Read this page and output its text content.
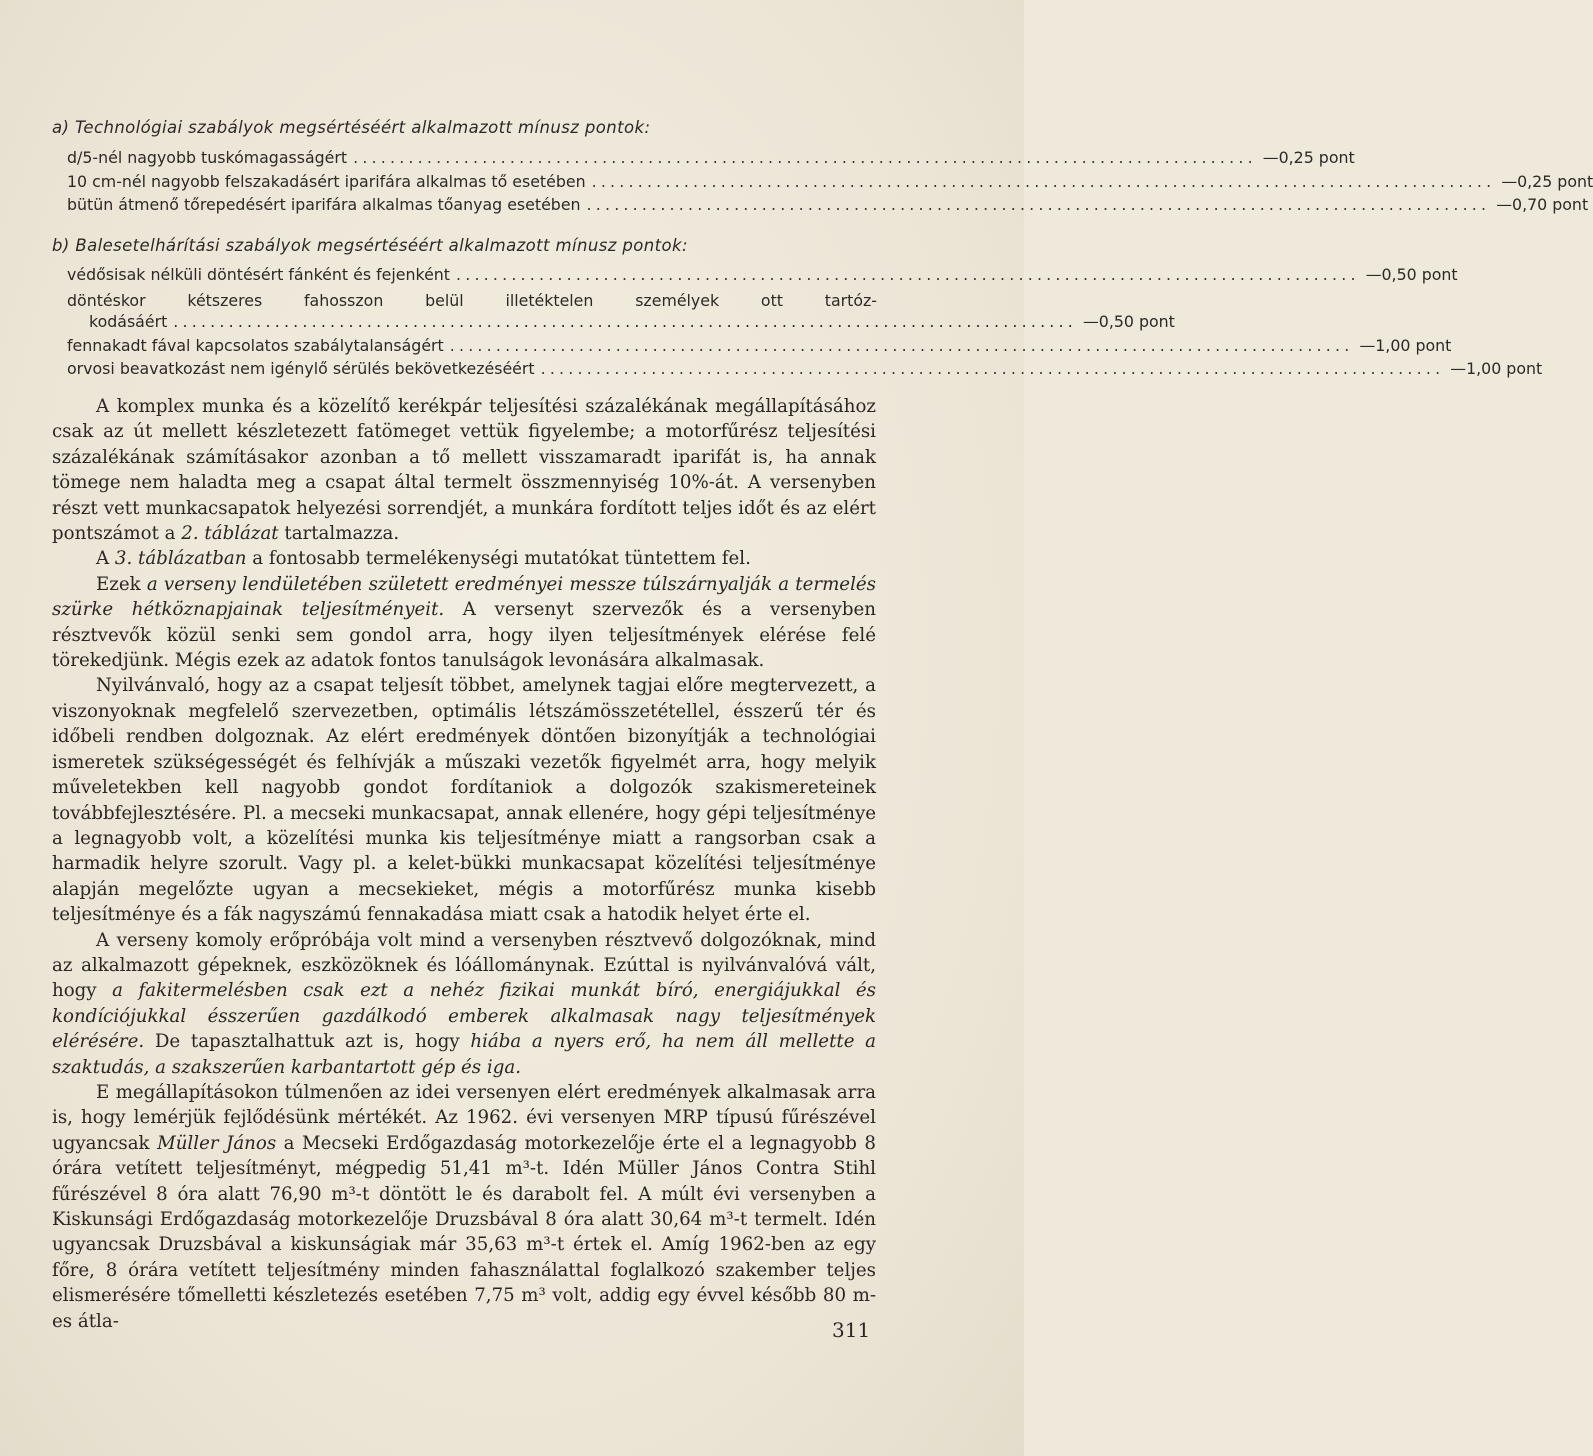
a) Technológiai szabályok megsértéséért alkalmazott mínusz pontok:
d/5-nél nagyobb tuskómagasságért .................................................................................................. —0,25 pont
10 cm-nél nagyobb felszakadásért iparifára alkalmas tő esetében .................................................................................................. —0,25 pont
bütün átmenő tőrepedésért iparifára alkalmas tőanyag esetében .................................................................................................. —0,70 pont
b) Balesetelhárítási szabályok megsértéséért alkalmazott mínusz pontok:
védősisak nélküli döntésért fánként és fejenként .................................................................................................. —0,50 pont
döntéskor kétszeres fahosszon belül illetéktelen személyek ott tartóz-
kodásáért .................................................................................................. —0,50 pont
fennakadt fával kapcsolatos szabálytalanságért .................................................................................................. —1,00 pont
orvosi beavatkozást nem igénylő sérülés bekövetkezéséért .................................................................................................. —1,00 pont

A komplex munka és a közelítő kerékpár teljesítési százalékának megállapításához csak az út mellett készletezett fatömeget vettük figyelembe; a motorfűrész teljesítési százalékának számításakor azonban a tő mellett visszamaradt iparifát is, ha annak tömege nem haladta meg a csapat által termelt összmennyiség 10%-át. A versenyben részt vett munkacsapatok helyezési sorrendjét, a munkára fordított teljes időt és az elért pontszámot a 2. táblázat tartalmazza.

A 3. táblázatban a fontosabb termelékenységi mutatókat tüntettem fel.

Ezek a verseny lendületében született eredményei messze túlszárnyalják a termelés szürke hétköznapjainak teljesítményeit. A versenyt szervezők és a versenyben résztvevők közül senki sem gondol arra, hogy ilyen teljesítmények elérése felé törekedjünk. Mégis ezek az adatok fontos tanulságok levonására alkalmasak.

Nyilvánvaló, hogy az a csapat teljesít többet, amelynek tagjai előre megtervezett, a viszonyoknak megfelelő szervezetben, optimális létszámösszetétellel, ésszerű tér és időbeli rendben dolgoznak. Az elért eredmények döntően bizonyítják a technológiai ismeretek szükségességét és felhívják a műszaki vezetők figyelmét arra, hogy melyik műveletekben kell nagyobb gondot fordítaniok a dolgozók szakismereteinek továbbfejlesztésére. Pl. a mecseki munkacsapat, annak ellenére, hogy gépi teljesítménye a legnagyobb volt, a közelítési munka kis teljesítménye miatt a rangsorban csak a harmadik helyre szorult. Vagy pl. a kelet-bükki munkacsapat közelítési teljesítménye alapján megelőzte ugyan a mecsekieket, mégis a motorfűrész munka kisebb teljesítménye és a fák nagyszámú fennakadása miatt csak a hatodik helyet érte el.

A verseny komoly erőpróbája volt mind a versenyben résztvevő dolgozóknak, mind az alkalmazott gépeknek, eszközöknek és lóállománynak. Ezúttal is nyilvánvalóvá vált, hogy a fakitermelésben csak ezt a nehéz fizikai munkát bíró, energiájukkal és kondíciójukkal ésszerűen gazdálkodó emberek alkalmasak nagy teljesítmények elérésére. De tapasztalhattuk azt is, hogy hiába a nyers erő, ha nem áll mellette a szaktudás, a szakszerűen karbantartott gép és iga.

E megállapításokon túlmenően az idei versenyen elért eredmények alkalmasak arra is, hogy lemérjük fejlődésünk mértékét. Az 1962. évi versenyen MRP típusú fűrészével ugyancsak Müller János a Mecseki Erdőgazdaság motorkezelője érte el a legnagyobb 8 órára vetített teljesítményt, mégpedig 51,41 m³-t. Idén Müller János Contra Stihl fűrészével 8 óra alatt 76,90 m³-t döntött le és darabolt fel. A múlt évi versenyben a Kiskunsági Erdőgazdaság motorkezelője Druzsbával 8 óra alatt 30,64 m³-t termelt. Idén ugyancsak Druzsbával a kiskunságiak már 35,63 m³-t értek el. Amíg 1962-ben az egy főre, 8 órára vetített teljesítmény minden fahasználattal foglalkozó szakember teljes elismerésére tőmelletti készletezés esetében 7,75 m³ volt, addig egy évvel később 80 m-es átla-	311
